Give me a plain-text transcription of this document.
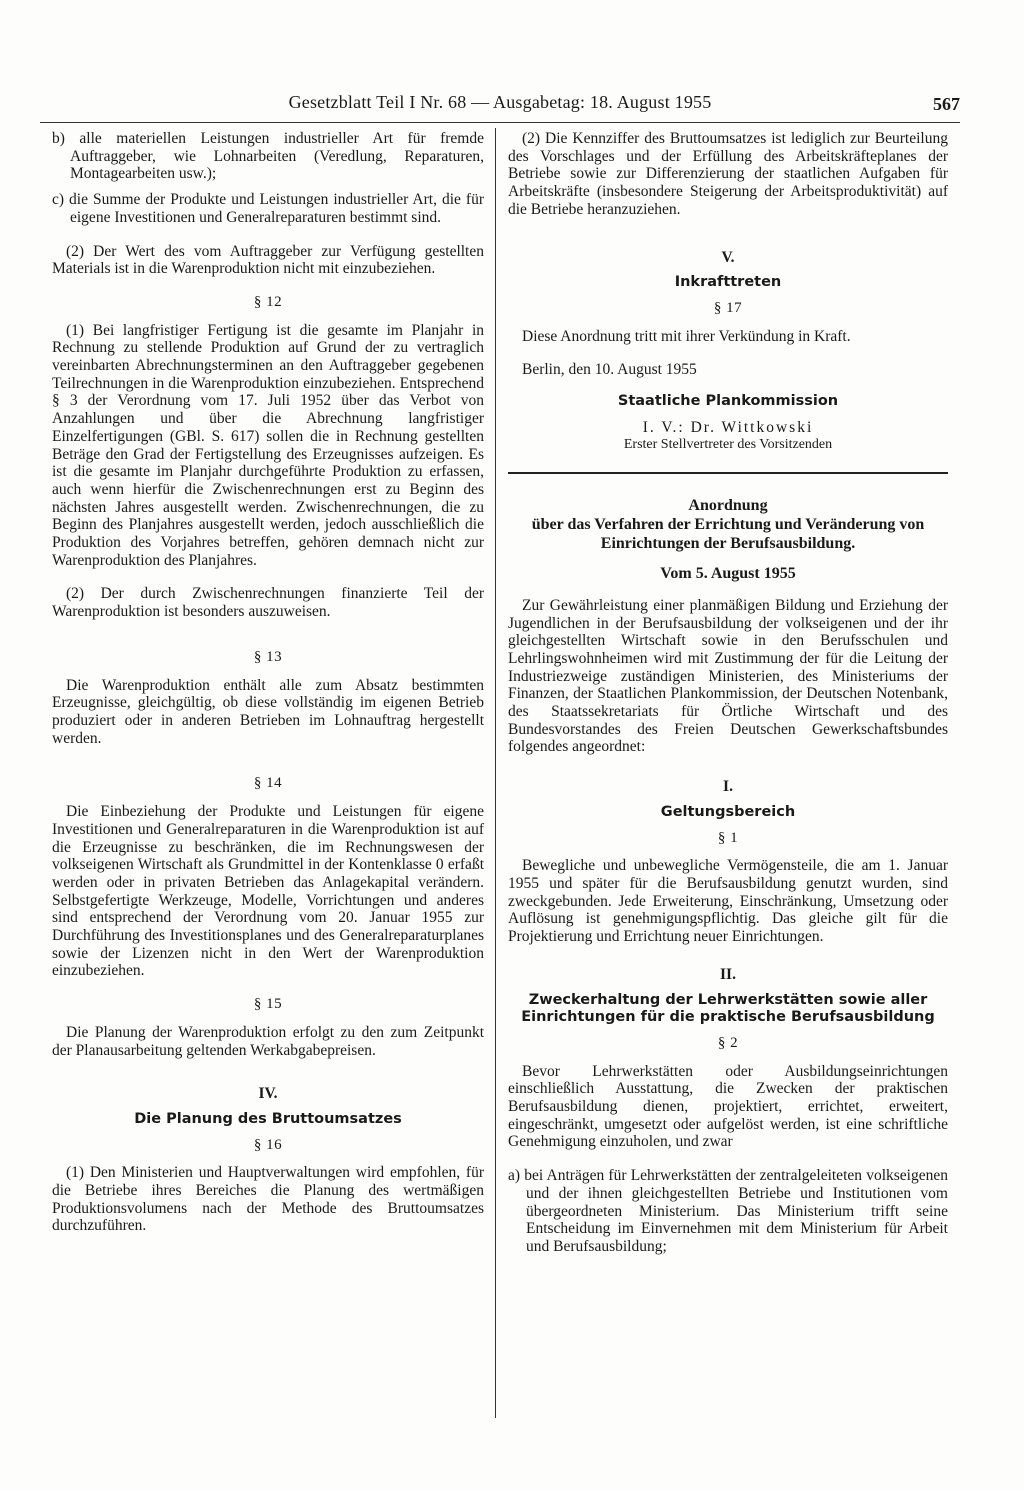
Gesetzblatt Teil I Nr. 68 — Ausgabetag: 18. August 1955	567

b) alle materiellen Leistungen industrieller Art für fremde Auftraggeber, wie Lohnarbeiten (Veredlung, Reparaturen, Montagearbeiten usw.);

c) die Summe der Produkte und Leistungen industrieller Art, die für eigene Investitionen und Generalreparaturen bestimmt sind.

(2) Der Wert des vom Auftraggeber zur Verfügung gestellten Materials ist in die Warenproduktion nicht mit einzubeziehen.

§ 12

(1) Bei langfristiger Fertigung ist die gesamte im Planjahr in Rechnung zu stellende Produktion auf Grund der zu vertraglich vereinbarten Abrechnungsterminen an den Auftraggeber gegebenen Teilrechnungen in die Warenproduktion einzubeziehen. Entsprechend § 3 der Verordnung vom 17. Juli 1952 über das Verbot von Anzahlungen und über die Abrechnung langfristiger Einzelfertigungen (GBl. S. 617) sollen die in Rechnung gestellten Beträge den Grad der Fertigstellung des Erzeugnisses aufzeigen. Es ist die gesamte im Planjahr durchgeführte Produktion zu erfassen, auch wenn hierfür die Zwischenrechnungen erst zu Beginn des nächsten Jahres ausgestellt werden. Zwischenrechnungen, die zu Beginn des Planjahres ausgestellt werden, jedoch ausschließlich die Produktion des Vorjahres betreffen, gehören demnach nicht zur Warenproduktion des Planjahres.

(2) Der durch Zwischenrechnungen finanzierte Teil der Warenproduktion ist besonders auszuweisen.

§ 13

Die Warenproduktion enthält alle zum Absatz bestimmten Erzeugnisse, gleichgültig, ob diese vollständig im eigenen Betrieb produziert oder in anderen Betrieben im Lohnauftrag hergestellt werden.

§ 14

Die Einbeziehung der Produkte und Leistungen für eigene Investitionen und Generalreparaturen in die Warenproduktion ist auf die Erzeugnisse zu beschränken, die im Rechnungswesen der volkseigenen Wirtschaft als Grundmittel in der Kontenklasse 0 erfaßt werden oder in privaten Betrieben das Anlagekapital verändern. Selbstgefertigte Werkzeuge, Modelle, Vorrichtungen und anderes sind entsprechend der Verordnung vom 20. Januar 1955 zur Durchführung des Investitionsplanes und des Generalreparaturplanes sowie der Lizenzen nicht in den Wert der Warenproduktion einzubeziehen.

§ 15

Die Planung der Warenproduktion erfolgt zu den zum Zeitpunkt der Planausarbeitung geltenden Werkabgabepreisen.

IV.
Die Planung des Bruttoumsatzes
§ 16

(1) Den Ministerien und Hauptverwaltungen wird empfohlen, für die Betriebe ihres Bereiches die Planung des wertmäßigen Produktionsvolumens nach der Methode des Bruttoumsatzes durchzuführen.

(2) Die Kennziffer des Bruttoumsatzes ist lediglich zur Beurteilung des Vorschlages und der Erfüllung des Arbeitskräfteplanes der Betriebe sowie zur Differenzierung der staatlichen Aufgaben für Arbeitskräfte (insbesondere Steigerung der Arbeitsproduktivität) auf die Betriebe heranzuziehen.

V.
Inkrafttreten
§ 17

Diese Anordnung tritt mit ihrer Verkündung in Kraft.

Berlin, den 10. August 1955

Staatliche Plankommission
I. V.: Dr. Wittkowski
Erster Stellvertreter des Vorsitzenden
Anordnung
über das Verfahren der Errichtung und Veränderung von Einrichtungen der Berufsausbildung.
Vom 5. August 1955

Zur Gewährleistung einer planmäßigen Bildung und Erziehung der Jugendlichen in der Berufsausbildung der volkseigenen und der ihr gleichgestellten Wirtschaft sowie in den Berufsschulen und Lehrlingswohnheimen wird mit Zustimmung der für die Leitung der Industriezweige zuständigen Ministerien, des Ministeriums der Finanzen, der Staatlichen Plankommission, der Deutschen Notenbank, des Staatssekretariats für Örtliche Wirtschaft und des Bundesvorstandes des Freien Deutschen Gewerkschaftsbundes folgendes angeordnet:

I.
Geltungsbereich
§ 1

Bewegliche und unbewegliche Vermögensteile, die am 1. Januar 1955 und später für die Berufsausbildung genutzt wurden, sind zweckgebunden. Jede Erweiterung, Einschränkung, Umsetzung oder Auflösung ist genehmigungspflichtig. Das gleiche gilt für die Projektierung und Errichtung neuer Einrichtungen.

II.
Zweckerhaltung der Lehrwerkstätten sowie aller Einrichtungen für die praktische Berufsausbildung
§ 2

Bevor Lehrwerkstätten oder Ausbildungseinrichtungen einschließlich Ausstattung, die Zwecken der praktischen Berufsausbildung dienen, projektiert, errichtet, erweitert, eingeschränkt, umgesetzt oder aufgelöst werden, ist eine schriftliche Genehmigung einzuholen, und zwar

a) bei Anträgen für Lehrwerkstätten der zentralgeleiteten volkseigenen und der ihnen gleichgestellten Betriebe und Institutionen vom übergeordneten Ministerium. Das Ministerium trifft seine Entscheidung im Einvernehmen mit dem Ministerium für Arbeit und Berufsausbildung;
